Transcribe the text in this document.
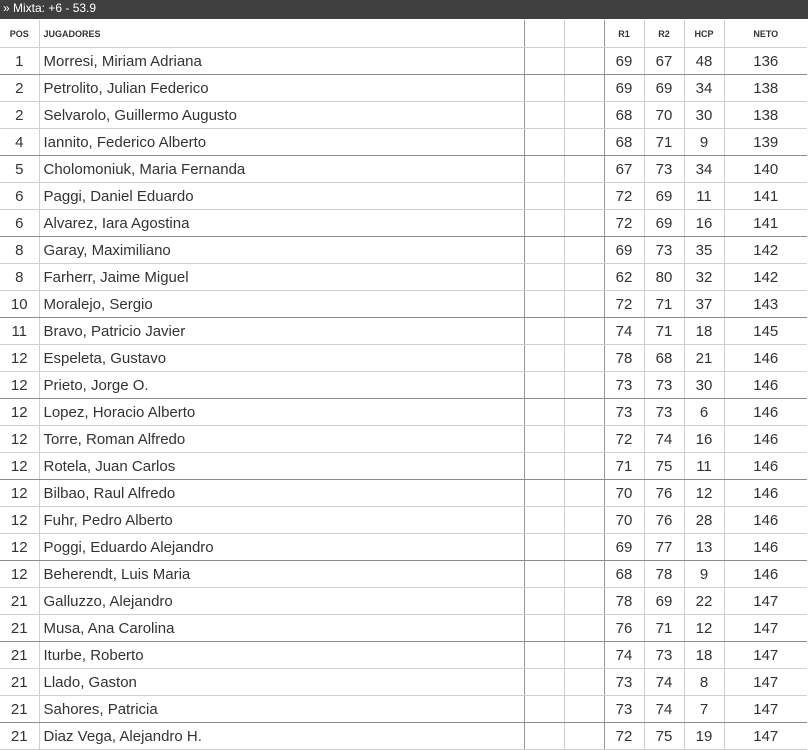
» Mixta: +6 - 53.9
POS	JUGADORES			R1	R2	HCP	NETO
1	Morresi, Miriam Adriana			69	67	48	136
2	Petrolito, Julian Federico			69	69	34	138
2	Selvarolo, Guillermo Augusto			68	70	30	138
4	Iannito, Federico Alberto			68	71	9	139
5	Cholomoniuk, Maria Fernanda			67	73	34	140
6	Paggi, Daniel Eduardo			72	69	11	141
6	Alvarez, Iara Agostina			72	69	16	141
8	Garay, Maximiliano			69	73	35	142
8	Farherr, Jaime Miguel			62	80	32	142
10	Moralejo, Sergio			72	71	37	143
11	Bravo, Patricio Javier			74	71	18	145
12	Espeleta, Gustavo			78	68	21	146
12	Prieto, Jorge O.			73	73	30	146
12	Lopez, Horacio Alberto			73	73	6	146
12	Torre, Roman Alfredo			72	74	16	146
12	Rotela, Juan Carlos			71	75	11	146
12	Bilbao, Raul Alfredo			70	76	12	146
12	Fuhr, Pedro Alberto			70	76	28	146
12	Poggi, Eduardo Alejandro			69	77	13	146
12	Beherendt, Luis Maria			68	78	9	146
21	Galluzzo, Alejandro			78	69	22	147
21	Musa, Ana Carolina			76	71	12	147
21	Iturbe, Roberto			74	73	18	147
21	Llado, Gaston			73	74	8	147
21	Sahores, Patricia			73	74	7	147
21	Diaz Vega, Alejandro H.			72	75	19	147
